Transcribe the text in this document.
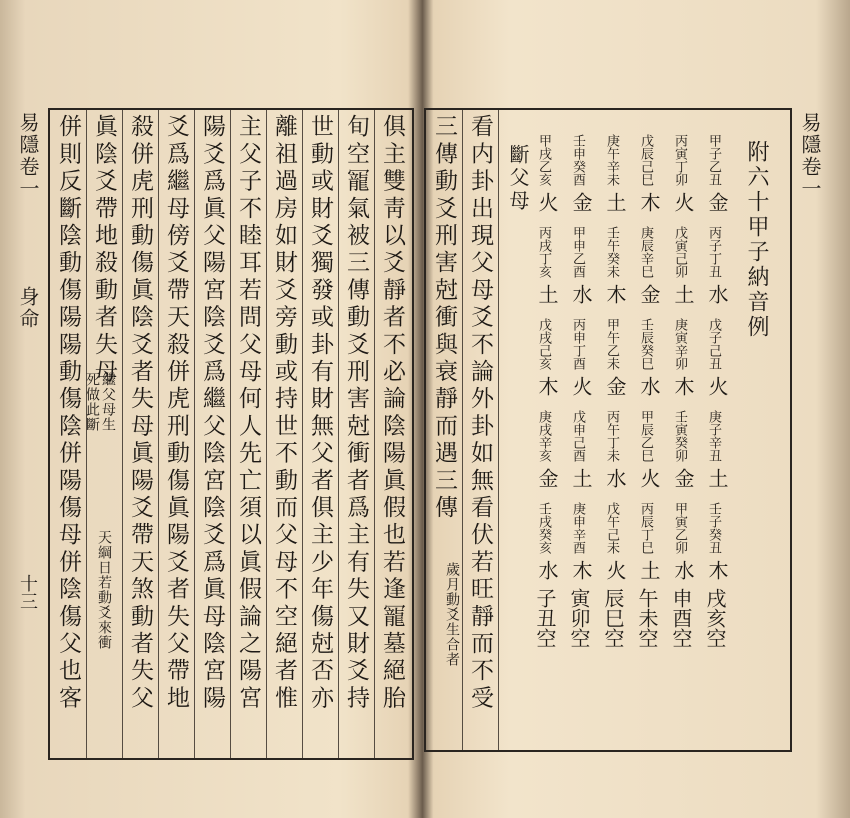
易隱卷一
身命
十三	俱主雙靑以爻靜者不必論陰陽眞假也若逢𠖥墓絕胎
旬空𠖥氣被三傳動爻刑害尅衝者爲主有失又財爻持
世動或財爻獨發或卦有財無父者俱主少年傷尅否亦
離祖過房如財爻旁動或持世不動而父母不空絕者惟
主父子不睦耳若問父母何人先亡須以眞假論之陽宮
陽爻爲眞父陽宮陰爻爲繼父陰宮陰爻爲眞母陰宮陽
爻爲繼母傍爻帶天殺併虎刑動傷眞陽爻者失父帶地
殺併虎刑動傷眞陰爻者失母眞陽爻帶天煞動者失父
眞陰爻帶地殺動者失母
繼父母生
死做此斷
併則反斷陰動傷陽陽動傷陰併陽傷母併陰傷父也客 天綱日若動爻來衝
易隱卷一
看内卦出現父母爻不論外卦如無看伏若旺靜而不受
三傳動爻刑害尅衝與衰靜而遇三傳
歲月動爻生合者
斷父母	附六十甲子納音例
甲子乙丑
金
丙寅丁卯
火
戊辰己巳
木
庚午辛未
土
壬申癸酉
金
甲戌乙亥
火
丙子丁丑
水
戊寅己卯
土
庚辰辛巳
金
壬午癸未
木
甲申乙酉
水
丙戌丁亥
土
戊子己丑
火
庚寅辛卯
木
壬辰癸巳
水
甲午乙未
金
丙申丁酉
火
戊戌己亥
木
庚子辛丑
土
壬寅癸卯
金
甲辰乙巳
火
丙午丁未
水
戊申己酉
土
庚戌辛亥
金
壬子癸丑
木
甲寅乙卯
水
丙辰丁巳
土
戊午己未
火
庚申辛酉
木
壬戌癸亥
水
戌亥空
申酉空
午未空
辰巳空
寅卯空
子丑空
